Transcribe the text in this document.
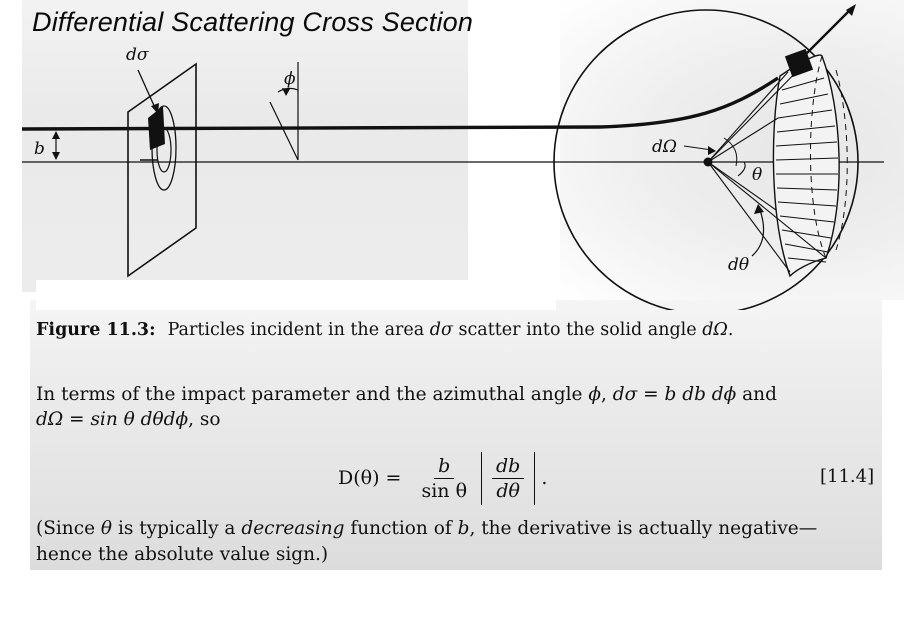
Differential Scattering Cross Section
b
dσ
ϕ
dΩ
θ
dθ
Figure 11.3: Particles incident in the area dσ scatter into the solid angle dΩ.
In terms of the impact parameter and the azimuthal angle ϕ, dσ = b db dϕ and
dΩ = sin θ dθdϕ, so
$D(\theta) = \frac{b}{\text{sin θ}} \frac{db}{d\theta}$ .	[11.4]
(Since θ is typically a decreasing function of b, the derivative is actually negative—
hence the absolute value sign.)
